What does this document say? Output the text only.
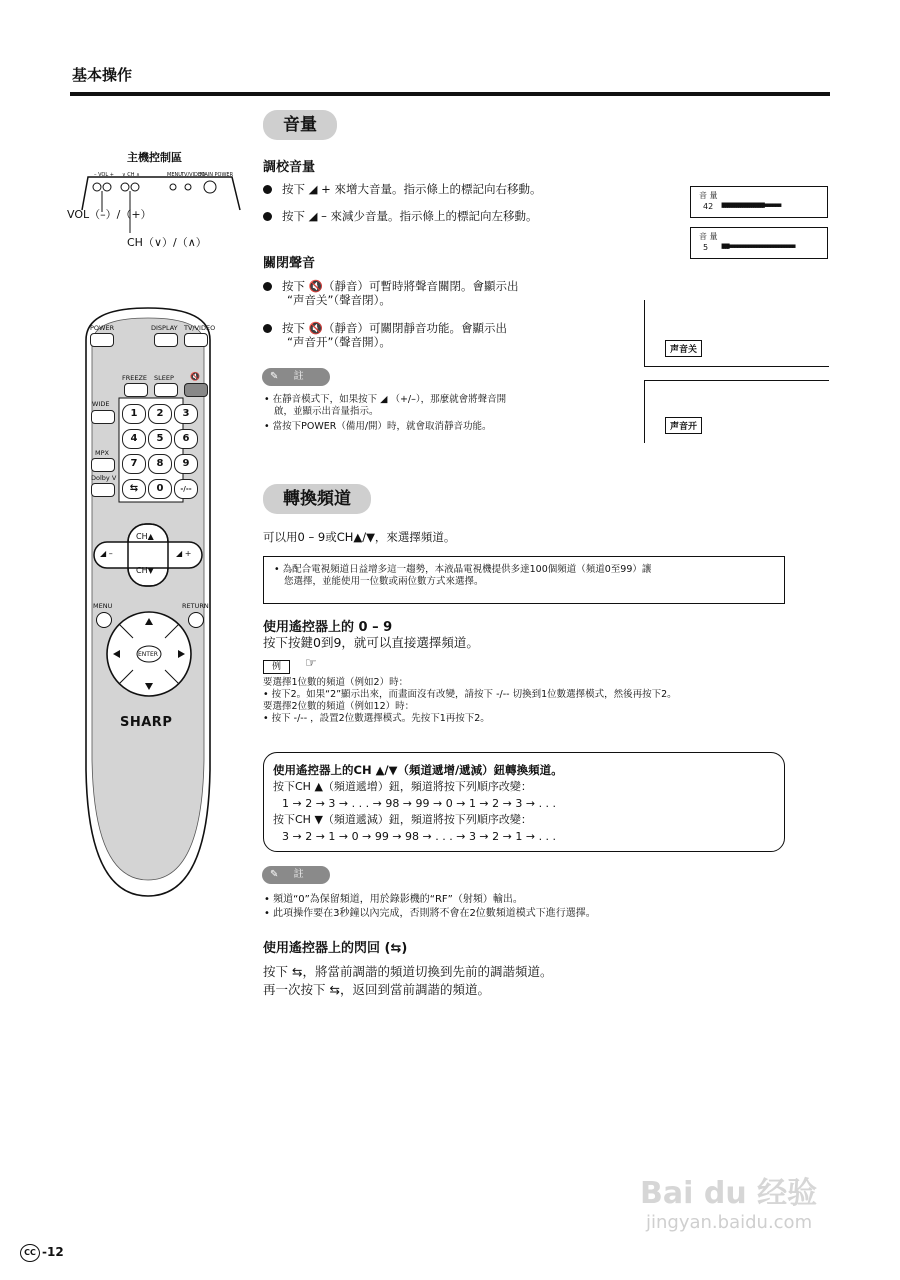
基本操作
主機控制區
– VOL + ∨ CH ∧	MENU TV/VIDEO
MAIN POWER
VOL（–）/（+）
CH（∨）/（∧）
POWER	DISPLAY TV/VIDEO
FREEZE SLEEP 🔇
WIDE
MPX
Dolby V
1	2	3
4	5	6
7	8	9
⇆	0	-/--
CH▲
CH▼
◢ –	◢ +
MENU	RETURN
ENTER
SHARP
音量
調校音量
按下 ◢ + 來增大音量。指示條上的標記向右移動。
按下 ◢ – 來減少音量。指示條上的標記向左移動。
音 量
42 ▮▮▮▮▮▮▮▮▮▮▮▮▮▮▮▮▮▮▮▮▮▮▮▪▪▪▪▪▪
音 量
5 ▮▮▮▮▪▪▪▪▪▪▪▪▪▪▪▪▪▪▪▪▪▪▪▪▪▪▪▪
關閉聲音
按下 🔇（靜音）可暫時將聲音關閉。會顯示出
“声音关”（聲音閉）。
按下 🔇（靜音）可關閉靜音功能。會顯示出
“声音开”（聲音開）。
声音关
声音开
✎ 註
• 在靜音模式下，如果按下 ◢ （+/–），那麼就會將聲音開
啟，並顯示出音量指示。
• 當按下POWER（備用/開）時，就會取消靜音功能。
轉換頻道
可以用0 – 9或CH▲/▼，來選擇頻道。
• 為配合電視頻道日益增多這一趨勢，本液晶電視機提供多達100個頻道（頻道0至99）讓
您選擇，並能使用一位數或兩位數方式來選擇。
使用遙控器上的 0 – 9
按下按鍵0到9，就可以直接選擇頻道。
例	☞
要選擇1位數的頻道（例如2）時：
• 按下2。如果“2”顯示出來，而畫面沒有改變，請按下 -/-- 切換到1位數選擇模式，然後再按下2。
要選擇2位數的頻道（例如12）時：
• 按下 -/-- ，設置2位數選擇模式。先按下1再按下2。
使用遙控器上的CH ▲/▼（頻道遞增/遞減）鈕轉換頻道。
按下CH ▲（頻道遞增）鈕，頻道將按下列順序改變：
1 → 2 → 3 → . . . → 98 → 99 → 0 → 1 → 2 → 3 → . . .
按下CH ▼（頻道遞減）鈕，頻道將按下列順序改變：
3 → 2 → 1 → 0 → 99 → 98 → . . . → 3 → 2 → 1 → . . .
✎ 註
• 頻道“0”為保留頻道，用於錄影機的“RF”（射頻）輸出。
• 此項操作要在3秒鐘以內完成，否則將不會在2位數頻道模式下進行選擇。
使用遙控器上的閃回 (⇆)
按下 ⇆，將當前調諧的頻道切換到先前的調諧頻道。
再一次按下 ⇆，返回到當前調諧的頻道。
Bai du 经验
jingyan.baidu.com
CC -12
